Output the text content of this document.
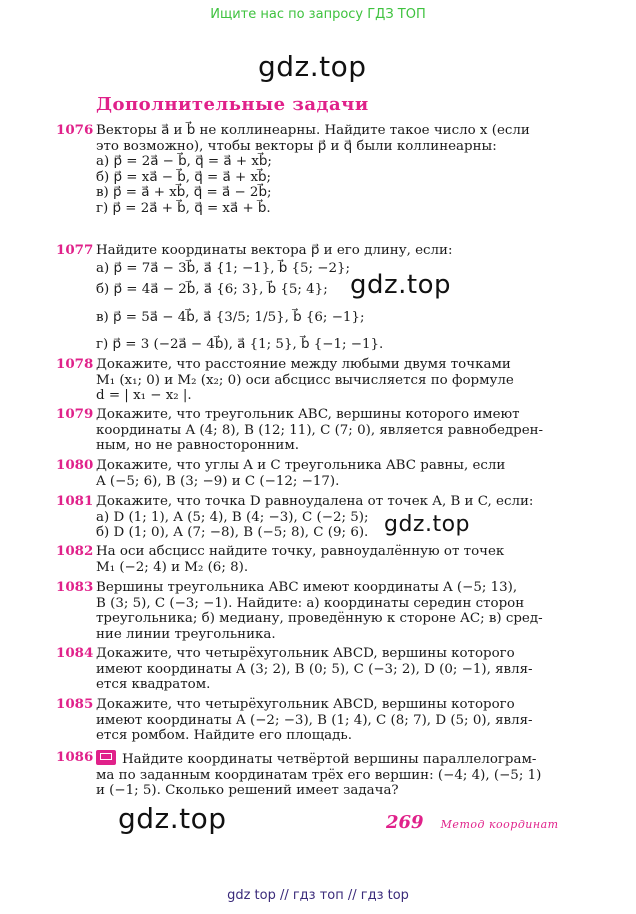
Ищите нас по запросу ГДЗ ТОП
gdz.top
gdz.top
gdz.top
gdz.top
Дополнительные задачи
1076 Векторы a⃗ и b⃗ не коллинеарны. Найдите такое число x (если
это возможно), чтобы векторы p⃗ и q⃗ были коллинеарны:
а) p⃗ = 2a⃗ − b⃗, q⃗ = a⃗ + xb⃗;
б) p⃗ = xa⃗ − b⃗, q⃗ = a⃗ + xb⃗;
в) p⃗ = a⃗ + xb⃗, q⃗ = a⃗ − 2b⃗;
г) p⃗ = 2a⃗ + b⃗, q⃗ = xa⃗ + b⃗.
1077 Найдите координаты вектора p⃗ и его длину, если:
а) p⃗ = 7a⃗ − 3b⃗, a⃗ {1; −1}, b⃗ {5; −2};
б) p⃗ = 4a⃗ − 2b⃗, a⃗ {6; 3}, b⃗ {5; 4};
в) p⃗ = 5a⃗ − 4b⃗, a⃗ {3/5; 1/5}, b⃗ {6; −1};
г) p⃗ = 3 (−2a⃗ − 4b⃗), a⃗ {1; 5}, b⃗ {−1; −1}.
1078 Докажите, что расстояние между любыми двумя точками
M₁ (x₁; 0) и M₂ (x₂; 0) оси абсцисс вычисляется по формуле
d = | x₁ − x₂ |.
1079 Докажите, что треугольник ABC, вершины которого имеют
координаты A (4; 8), B (12; 11), C (7; 0), является равнобедрен-
ным, но не равносторонним.
1080 Докажите, что углы A и C треугольника ABC равны, если
A (−5; 6), B (3; −9) и C (−12; −17).
1081 Докажите, что точка D равноудалена от точек A, B и C, если:
а) D (1; 1), A (5; 4), B (4; −3), C (−2; 5);
б) D (1; 0), A (7; −8), B (−5; 8), C (9; 6).
1082 На оси абсцисс найдите точку, равноудалённую от точек
M₁ (−2; 4) и M₂ (6; 8).
1083 Вершины треугольника ABC имеют координаты A (−5; 13),
B (3; 5), C (−3; −1). Найдите: а) координаты середин сторон
треугольника; б) медиану, проведённую к стороне AC; в) сред-
ние линии треугольника.
1084 Докажите, что четырёхугольник ABCD, вершины которого
имеют координаты A (3; 2), B (0; 5), C (−3; 2), D (0; −1), явля-
ется квадратом.
1085 Докажите, что четырёхугольник ABCD, вершины которого
имеют координаты A (−2; −3), B (1; 4), C (8; 7), D (5; 0), явля-
ется ромбом. Найдите его площадь.
1086	Найдите координаты четвёртой вершины параллелограм-
ма по заданным координатам трёх его вершин: (−4; 4), (−5; 1)
и (−1; 5). Сколько решений имеет задача?
269 Метод координат
gdz top // гдз топ // гдз top
